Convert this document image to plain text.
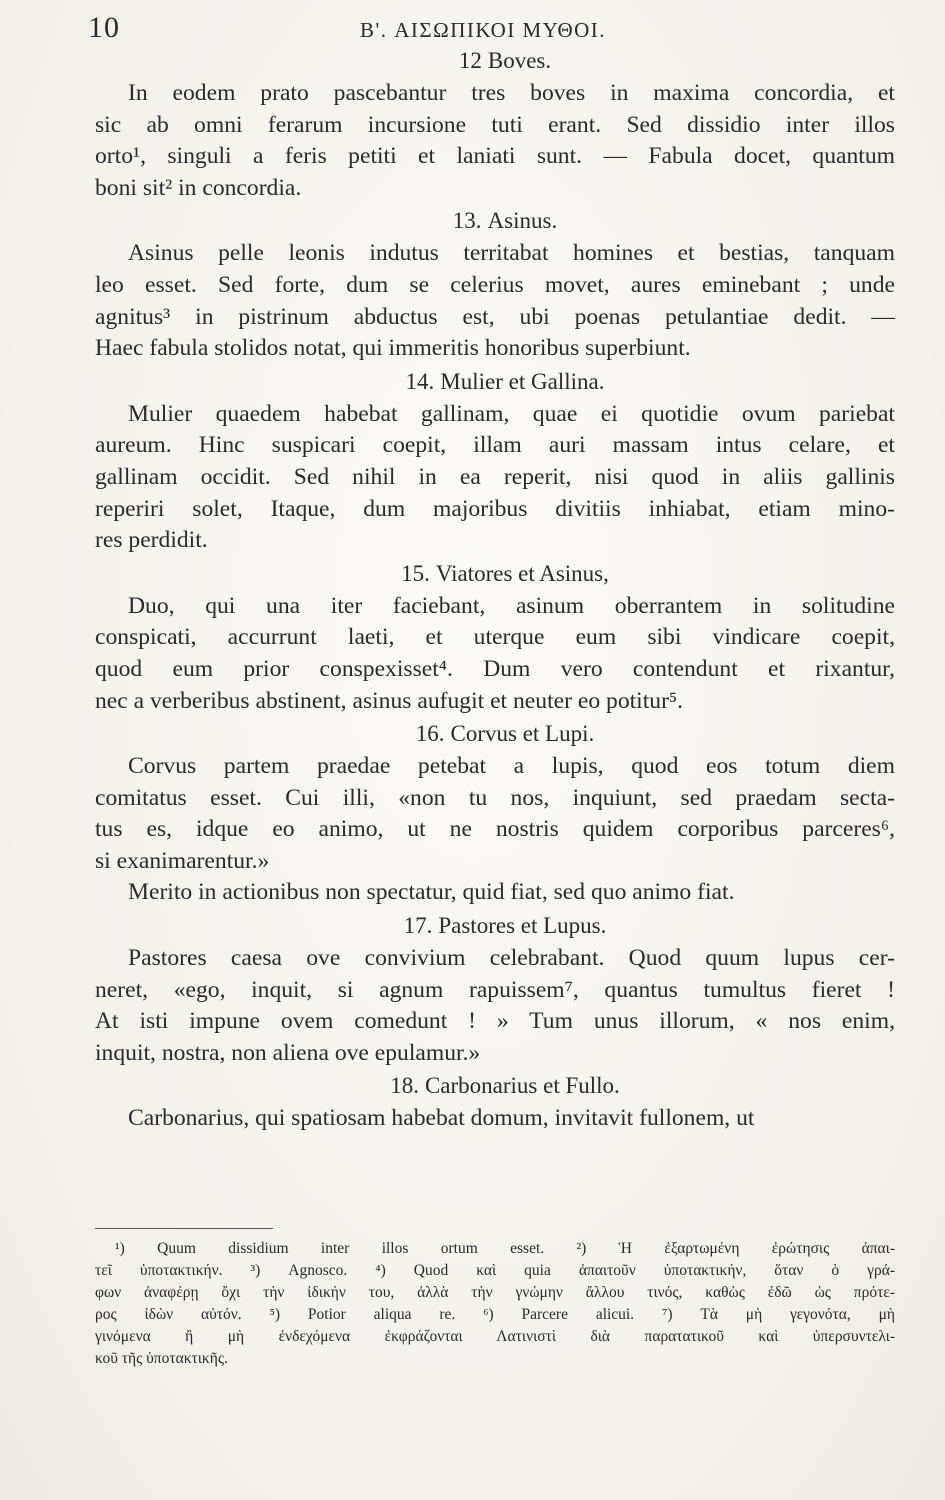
10	B'. ΑΙΣΩΠΙΚΟΙ ΜΥΘΟΙ.
12 Boves.
In eodem prato pascebantur tres boves in maxima concordia, et
sic ab omni ferarum incursione tuti erant. Sed dissidio inter illos
orto¹, singuli a feris petiti et laniati sunt. — Fabula docet, quantum
boni sit² in concordia.
13. Asinus.
Asinus pelle leonis indutus territabat homines et bestias, tanquam
leo esset. Sed forte, dum se celerius movet, aures eminebant ; unde
agnitus³ in pistrinum abductus est, ubi poenas petulantiae dedit. —
Haec fabula stolidos notat, qui immeritis honoribus superbiunt.
14. Mulier et Gallina.
Mulier quaedem habebat gallinam, quae ei quotidie ovum pariebat
aureum. Hinc suspicari coepit, illam auri massam intus celare, et
gallinam occidit. Sed nihil in ea reperit, nisi quod in aliis gallinis
reperiri solet, Itaque, dum majoribus divitiis inhiabat, etiam mino-
res perdidit.
15. Viatores et Asinus,
Duo, qui una iter faciebant, asinum oberrantem in solitudine
conspicati, accurrunt laeti, et uterque eum sibi vindicare coepit,
quod eum prior conspexisset⁴. Dum vero contendunt et rixantur,
nec a verberibus abstinent, asinus aufugit et neuter eo potitur⁵.
16. Corvus et Lupi.
Corvus partem praedae petebat a lupis, quod eos totum diem
comitatus esset. Cui illi, «non tu nos, inquiunt, sed praedam secta-
tus es, idque eo animo, ut ne nostris quidem corporibus parceres⁶,
si exanimarentur.»
Merito in actionibus non spectatur, quid fiat, sed quo animo fiat.
17. Pastores et Lupus.
Pastores caesa ove convivium celebrabant. Quod quum lupus cer-
neret, «ego, inquit, si agnum rapuissem⁷, quantus tumultus fieret !
At isti impune ovem comedunt ! » Tum unus illorum, « nos enim,
inquit, nostra, non aliena ove epulamur.»
18. Carbonarius et Fullo.
Carbonarius, qui spatiosam habebat domum, invitavit fullonem, ut
¹) Quum dissidium inter illos ortum esset. ²) Ἡ ἐξαρτωμένη ἐρώτησις ἀπαι-
τεῖ ὑποτακτικήν. ³) Agnosco. ⁴) Quod καὶ quia ἀπαιτοῦν ὑποτακτικήν, ὅταν ὁ γρά-
φων ἀναφέρῃ ὄχι τὴν ἰδικήν του, ἀλλὰ τὴν γνώμην ἄλλου τινός, καθὼς ἐδῶ ὡς πρότε-
ρος ἰδὼν αὐτόν. ⁵) Potior aliqua re. ⁶) Parcere alicui. ⁷) Τὰ μὴ γεγονότα, μὴ
γινόμενα ἢ μὴ ἐνδεχόμενα ἐκφράζονται Λατινιστὶ διὰ παρατατικοῦ καὶ ὑπερσυντελι-
κοῦ τῆς ὑποτακτικῆς.
